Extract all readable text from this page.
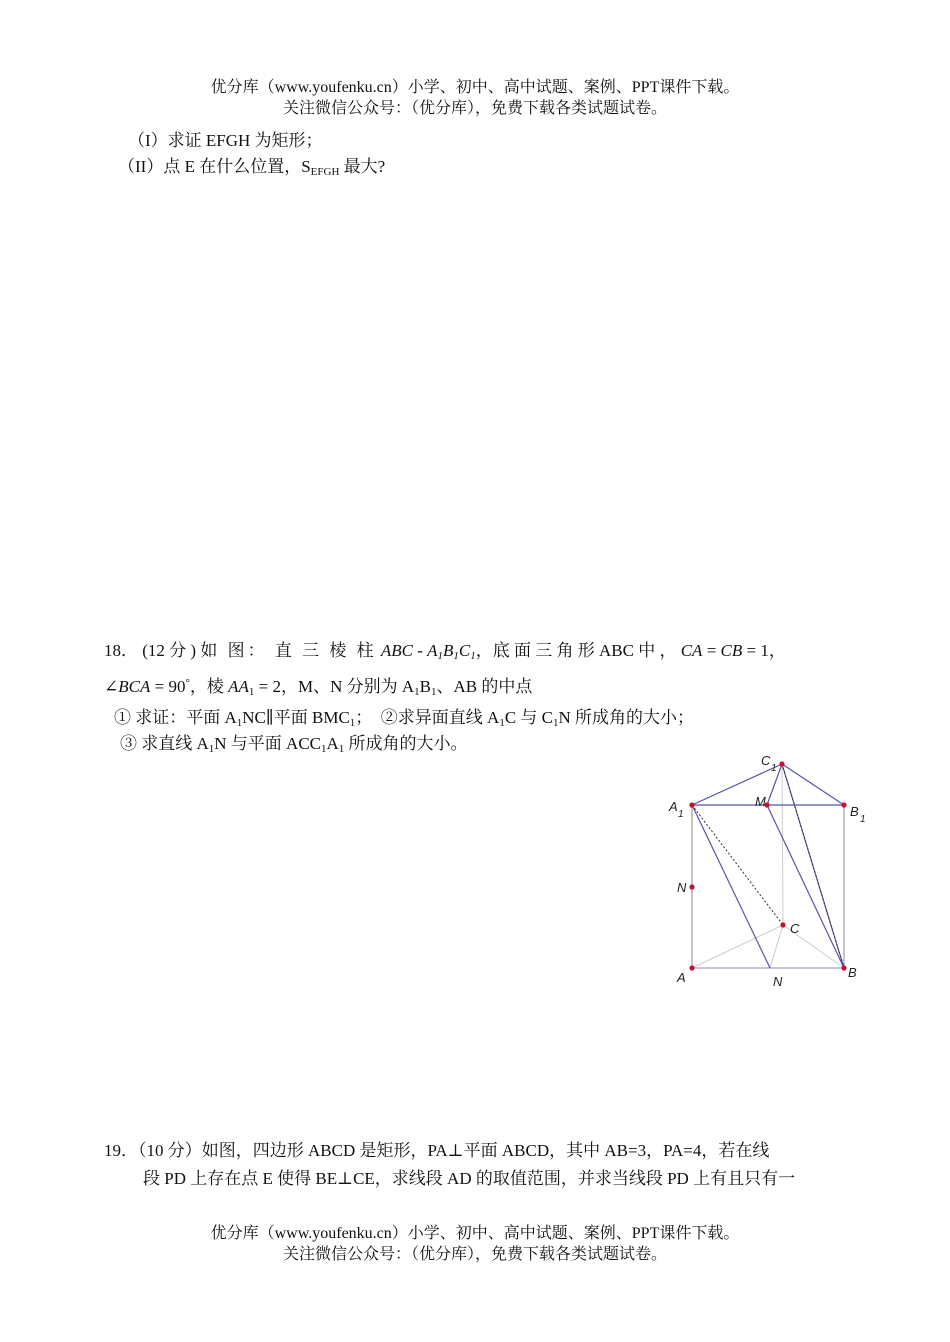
优分库（www.youfenku.cn）小学、初中、高中试题、案例、PPT课件下载。
关注微信公众号：（优分库），免费下载各类试题试卷。
（I）求证 EFGH 为矩形；
（II）点 E 在什么位置，$S_{EFGH}$ 最大?
18． (12 分 ) 如 图： 直 三 棱 柱 ABC - $A_1B_1C_1$，底 面 三 角 形 ABC 中 ， CA = CB = 1，
∠BCA = 90°，棱 $AA_1 = 2$，M、N 分别为 $A_1B_1$、AB 的中点
① 求证：平面 $A_1NC\parallel$平面 $BMC_1$；　②求异面直线 $A_1C$ 与 $C_1N$ 所成角的大小；
③ 求直线 $A_1N$ 与平面 $ACC_1A_1$ 所成角的大小。
C
1
A
1
M
B
1
N
C
A	N
B
19．（10 分）如图，四边形 ABCD 是矩形，PA⊥平面 ABCD，其中 AB=3，PA=4，若在线
段 PD 上存在点 E 使得 BE⊥CE，求线段 AD 的取值范围，并求当线段 PD 上有且只有一
优分库（www.youfenku.cn）小学、初中、高中试题、案例、PPT课件下载。
关注微信公众号：（优分库），免费下载各类试题试卷。
